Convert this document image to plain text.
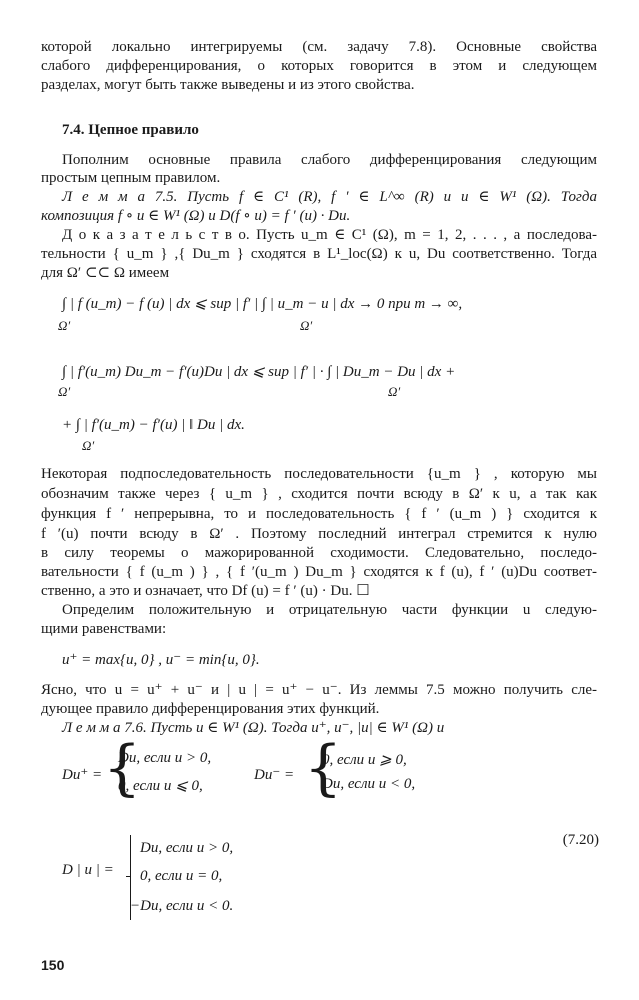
которой локально интегрируемы (см. задачу 7.8). Основные свойства
слабого дифференцирования, о которых говорится в этом и следующем
разделах, могут быть также выведены и из этого свойства.
7.4. Цепное правило
Пополним основные правила слабого дифференцирования следующим
простым цепным правилом.
Л е м м а 7.5. Пусть f ∈ C¹ (R), f ′ ∈ L^∞ (R) и u ∈ W¹ (Ω). Тогда
композиция f ∘ u ∈ W¹ (Ω) и D(f ∘ u) = f ′ (u) · Du.
Д о к а з а т е л ь с т в о. Пусть u_m ∈ C¹ (Ω), m = 1, 2, . . . , а последова-
тельности { u_m } ,{ Du_m } сходятся в L¹_loc(Ω) к u, Du соответственно. Тогда
для Ω′ ⊂⊂ Ω имеем
∫ | f (u_m) − f (u) | dx ⩽ sup | f′ | ∫ | u_m − u | dx → 0 при m → ∞,
Ω′	Ω′
∫ | f′(u_m) Du_m − f′(u)Du | dx ⩽ sup | f′ | · ∫ | Du_m − Du | dx +
Ω′	Ω′
+ ∫ | f′(u_m) − f′(u) | ‖ Du | dx.
Ω′
Некоторая подпоследовательность последовательности {u_m } , которую мы
обозначим также через { u_m } , сходится почти всюду в Ω′ к u, а так как
функция f ′ непрерывна, то и последовательность { f ′ (u_m ) } сходится к
f ′(u) почти всюду в Ω′ . Поэтому последний интеграл стремится к нулю
в силу теоремы о мажорированной сходимости. Следовательно, последо-
вательности { f (u_m ) } , { f ′(u_m ) Du_m } сходятся к f (u), f ′ (u)Du соответ-
ственно, а это и означает, что Df (u) = f ′ (u) · Du. ☐
Определим положительную и отрицательную части функции u следую-
щими равенствами:
u⁺ = max{u, 0} , u⁻ = min{u, 0}.
Ясно, что u = u⁺ + u⁻ и | u | = u⁺ − u⁻. Из леммы 7.5 можно получить сле-
дующее правило дифференцирования этих функций.
Л е м м а 7.6. Пусть u ∈ W¹ (Ω). Тогда u⁺, u⁻, |u| ∈ W¹ (Ω) и
Du⁺ = {
Du, если u > 0,
0, если u ⩽ 0,
Du⁻ = {
0, если u ⩾ 0,
Du, если u < 0,
D | u | =
Du, если u > 0,
0, если u = 0,
−Du, если u < 0.
(7.20)
150
